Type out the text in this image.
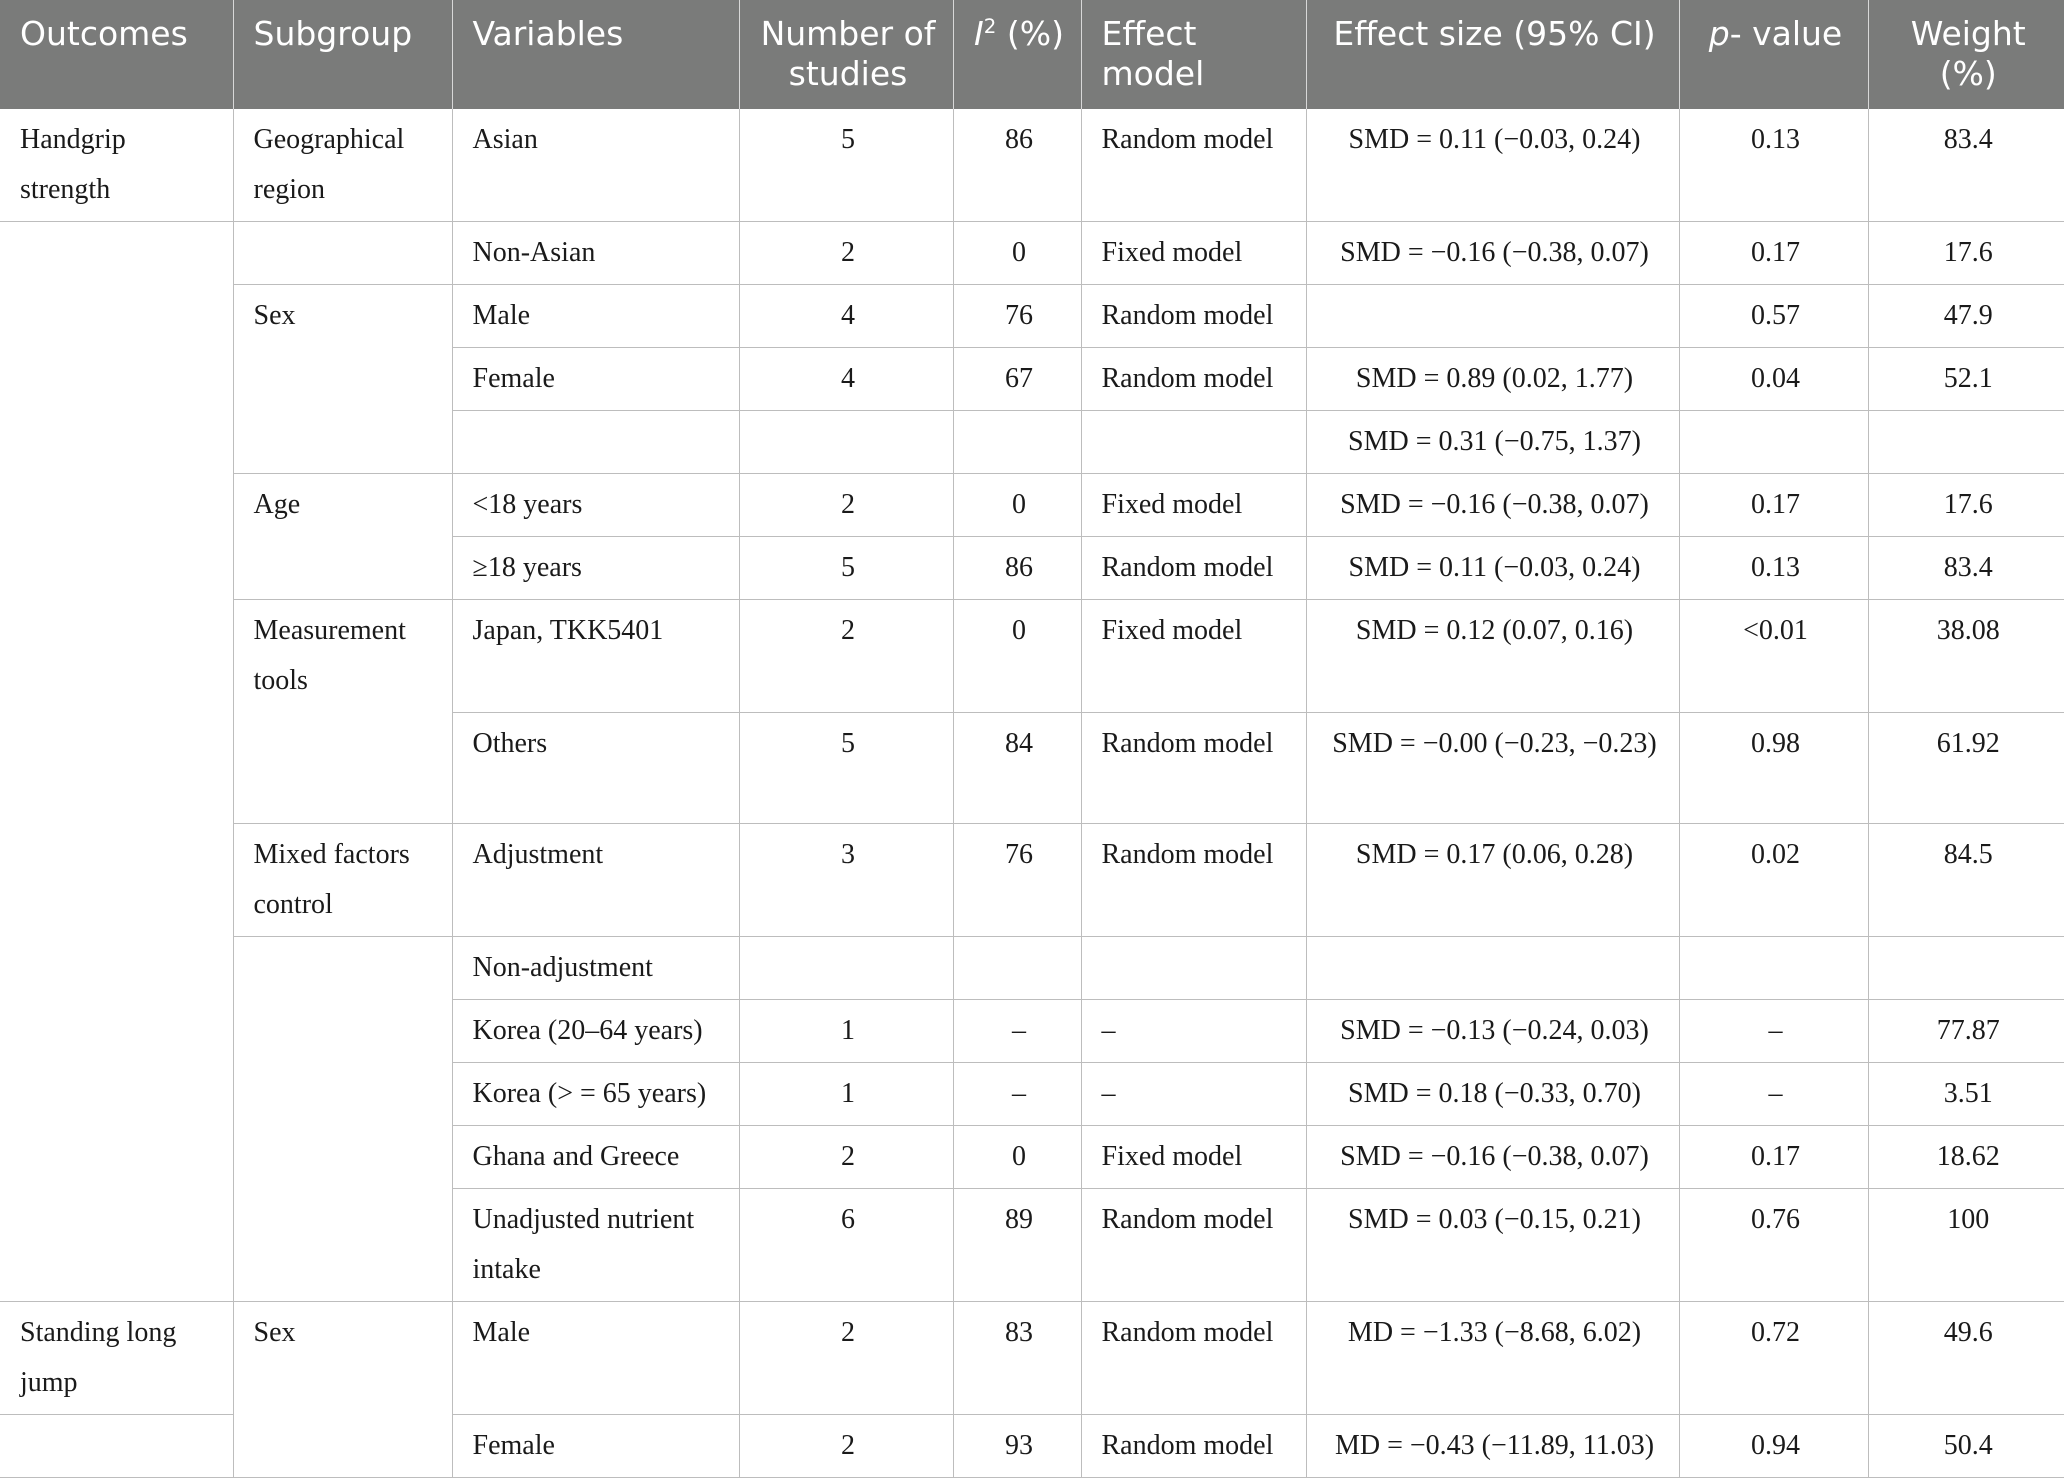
Outcomes	Subgroup	Variables	Number of studies	$I^2$ (%)	Effect model	Effect size (95% CI)	p- value	Weight (%)
Handgrip strength	Geographical region	Asian	5	86	Random model	SMD = 0.11 (−0.03, 0.24)	0.13	83.4
		Non-Asian	2	0	Fixed model	SMD = −0.16 (−0.38, 0.07)	0.17	17.6
	Sex	Male	4	76	Random model		0.57	47.9
		Female	4	67	Random model	SMD = 0.89 (0.02, 1.77)	0.04	52.1
						SMD = 0.31 (−0.75, 1.37)		
	Age	<18 years	2	0	Fixed model	SMD = −0.16 (−0.38, 0.07)	0.17	17.6
		≥18 years	5	86	Random model	SMD = 0.11 (−0.03, 0.24)	0.13	83.4
	Measurement tools	Japan, TKK5401	2	0	Fixed model	SMD = 0.12 (0.07, 0.16)	<0.01	38.08
		Others	5	84	Random model	SMD = −0.00 (−0.23, −0.23)	0.98	61.92
	Mixed factors control	Adjustment	3	76	Random model	SMD = 0.17 (0.06, 0.28)	0.02	84.5
		Non-adjustment						
		Korea (20–64 years)	1	–	–	SMD = −0.13 (−0.24, 0.03)	–	77.87
		Korea (> = 65 years)	1	–	–	SMD = 0.18 (−0.33, 0.70)	–	3.51
		Ghana and Greece	2	0	Fixed model	SMD = −0.16 (−0.38, 0.07)	0.17	18.62
		Unadjusted nutrient intake	6	89	Random model	SMD = 0.03 (−0.15, 0.21)	0.76	100
Standing long jump	Sex	Male	2	83	Random model	MD = −1.33 (−8.68, 6.02)	0.72	49.6
		Female	2	93	Random model	MD = −0.43 (−11.89, 11.03)	0.94	50.4
